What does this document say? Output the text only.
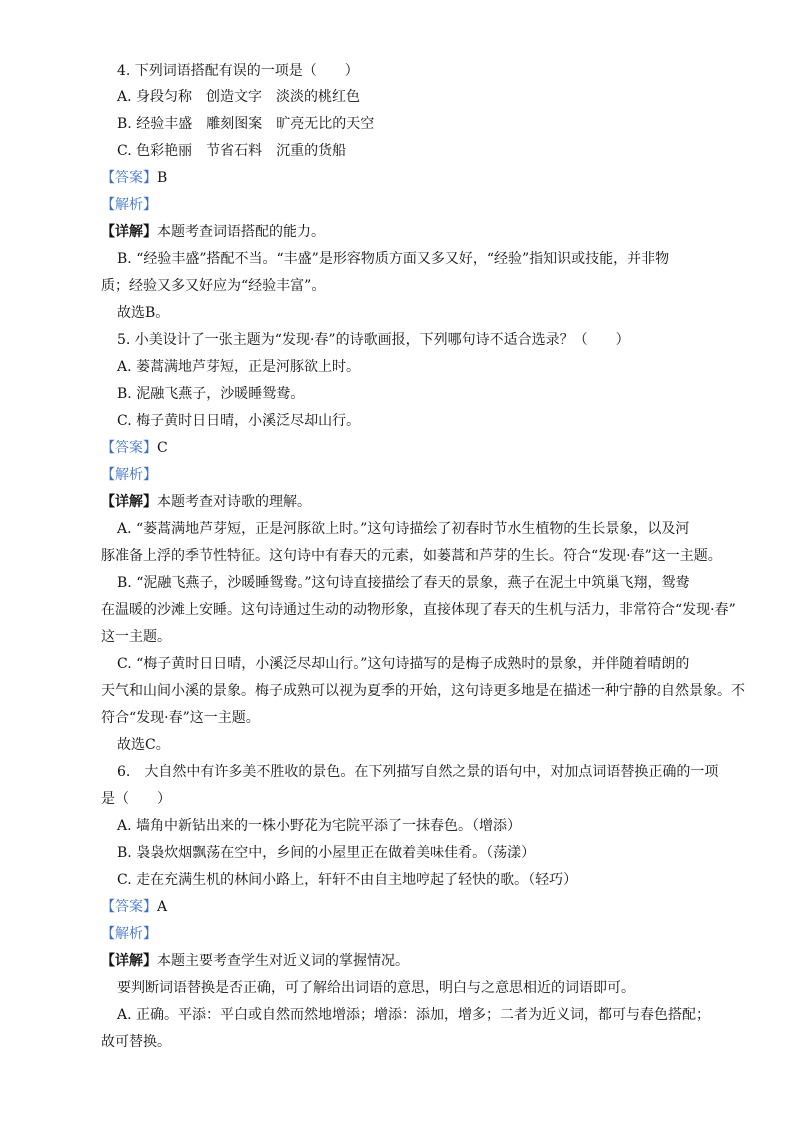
4. 下列词语搭配有误的一项是（　　）
A. 身段匀称　创造文字　淡淡的桃红色
B. 经验丰盛　雕刻图案　旷亮无比的天空
C. 色彩艳丽　节省石料　沉重的货船
【答案】B
【解析】
【详解】本题考查词语搭配的能力。
B. “经验丰盛”搭配不当。“丰盛”是形容物质方面又多又好，“经验”指知识或技能，并非物
质；经验又多又好应为“经验丰富”。
故选B。
5. 小美设计了一张主题为“发现·春”的诗歌画报，下列哪句诗不适合选录？（　　）
A. 蒌蒿满地芦芽短，正是河豚欲上时。
B. 泥融飞燕子，沙暖睡鸳鸯。
C. 梅子黄时日日晴，小溪泛尽却山行。
【答案】C
【解析】
【详解】本题考查对诗歌的理解。
A. “蒌蒿满地芦芽短，正是河豚欲上时。”这句诗描绘了初春时节水生植物的生长景象，以及河
豚准备上浮的季节性特征。这句诗中有春天的元素，如蒌蒿和芦芽的生长。符合“发现·春”这一主题。
B. “泥融飞燕子，沙暖睡鸳鸯。”这句诗直接描绘了春天的景象，燕子在泥土中筑巢飞翔，鸳鸯
在温暖的沙滩上安睡。这句诗通过生动的动物形象，直接体现了春天的生机与活力，非常符合“发现·春”
这一主题。
C. “梅子黄时日日晴，小溪泛尽却山行。”这句诗描写的是梅子成熟时的景象，并伴随着晴朗的
天气和山间小溪的景象。梅子成熟可以视为夏季的开始，这句诗更多地是在描述一种宁静的自然景象。不
符合“发现·春”这一主题。
故选C。
6.　大自然中有许多美不胜收的景色。在下列描写自然之景的语句中，对加点词语替换正确的一项
是（　　）
A. 墙角中新钻出来的一株小野花为宅院平添了一抹春色。（增添）
B. 袅袅炊烟飘荡在空中，乡间的小屋里正在做着美味佳肴。（荡漾）
C. 走在充满生机的林间小路上，轩轩不由自主地哼起了轻快的歌。（轻巧）
【答案】A
【解析】
【详解】本题主要考查学生对近义词的掌握情况。
要判断词语替换是否正确，可了解给出词语的意思，明白与之意思相近的词语即可。
A. 正确。平添：平白或自然而然地增添；增添：添加，增多；二者为近义词，都可与春色搭配；
故可替换。
